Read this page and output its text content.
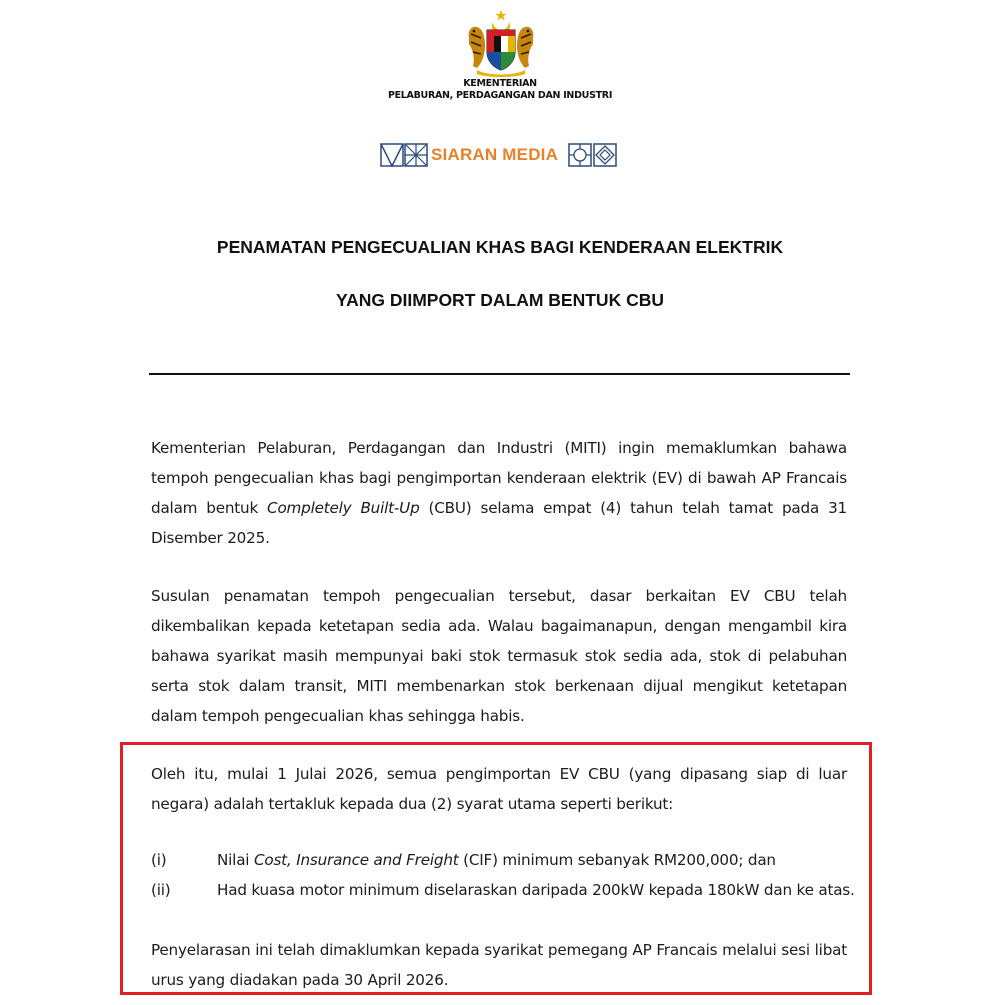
KEMENTERIAN
PELABURAN, PERDAGANGAN DAN INDUSTRI
SIARAN MEDIA
PENAMATAN PENGECUALIAN KHAS BAGI KENDERAAN ELEKTRIK
YANG DIIMPORT DALAM BENTUK CBU
Kementerian Pelaburan, Perdagangan dan Industri (MITI) ingin memaklumkan bahawa tempoh pengecualian khas bagi pengimportan kenderaan elektrik (EV) di bawah AP Francais dalam bentuk Completely Built-Up (CBU) selama empat (4) tahun telah tamat pada 31 Disember 2025.
Susulan penamatan tempoh pengecualian tersebut, dasar berkaitan EV CBU telah dikembalikan kepada ketetapan sedia ada. Walau bagaimanapun, dengan mengambil kira bahawa syarikat masih mempunyai baki stok termasuk stok sedia ada, stok di pelabuhan serta stok dalam transit, MITI membenarkan stok berkenaan dijual mengikut ketetapan dalam tempoh pengecualian khas sehingga habis.
Oleh itu, mulai 1 Julai 2026, semua pengimportan EV CBU (yang dipasang siap di luar negara) adalah tertakluk kepada dua (2) syarat utama seperti berikut:
(i)	Nilai Cost, Insurance and Freight (CIF) minimum sebanyak RM200,000; dan
(ii)	Had kuasa motor minimum diselaraskan daripada 200kW kepada 180kW dan ke atas.
Penyelarasan ini telah dimaklumkan kepada syarikat pemegang AP Francais melalui sesi libat urus yang diadakan pada 30 April 2026.
